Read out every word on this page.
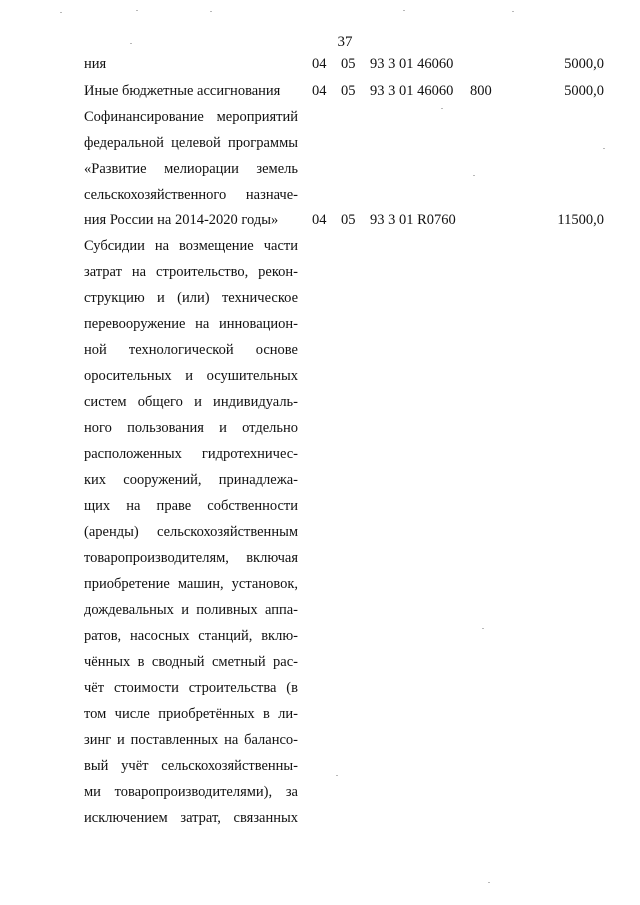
37
ния	04 05 93 3 01 46060	5000,0
Иные бюджетные ассигнования 04 05 93 3 01 46060 800	5000,0
Софинансирование мероприятий
федеральной целевой программы
«Развитие мелиорации земель
сельскохозяйственного назначе-
ния России на 2014-2020 годы»	04 05 93 3 01 R0760	11500,0
Субсидии на возмещение части
затрат на строительство, рекон-
струкцию и (или) техническое
перевооружение на инновацион-
ной технологической основе
оросительных и осушительных
систем общего и индивидуаль-
ного пользования и отдельно
расположенных гидротехничес-
ких сооружений, принадлежа-
щих на праве собственности
(аренды) сельскохозяйственным
товаропроизводителям, включая
приобретение машин, установок,
дождевальных и поливных аппа-
ратов, насосных станций, вклю-
чённых в сводный сметный рас-
чёт стоимости строительства (в
том числе приобретённых в ли-
зинг и поставленных на балансо-
вый учёт сельскохозяйственны-
ми товаропроизводителями), за
исключением затрат, связанных
